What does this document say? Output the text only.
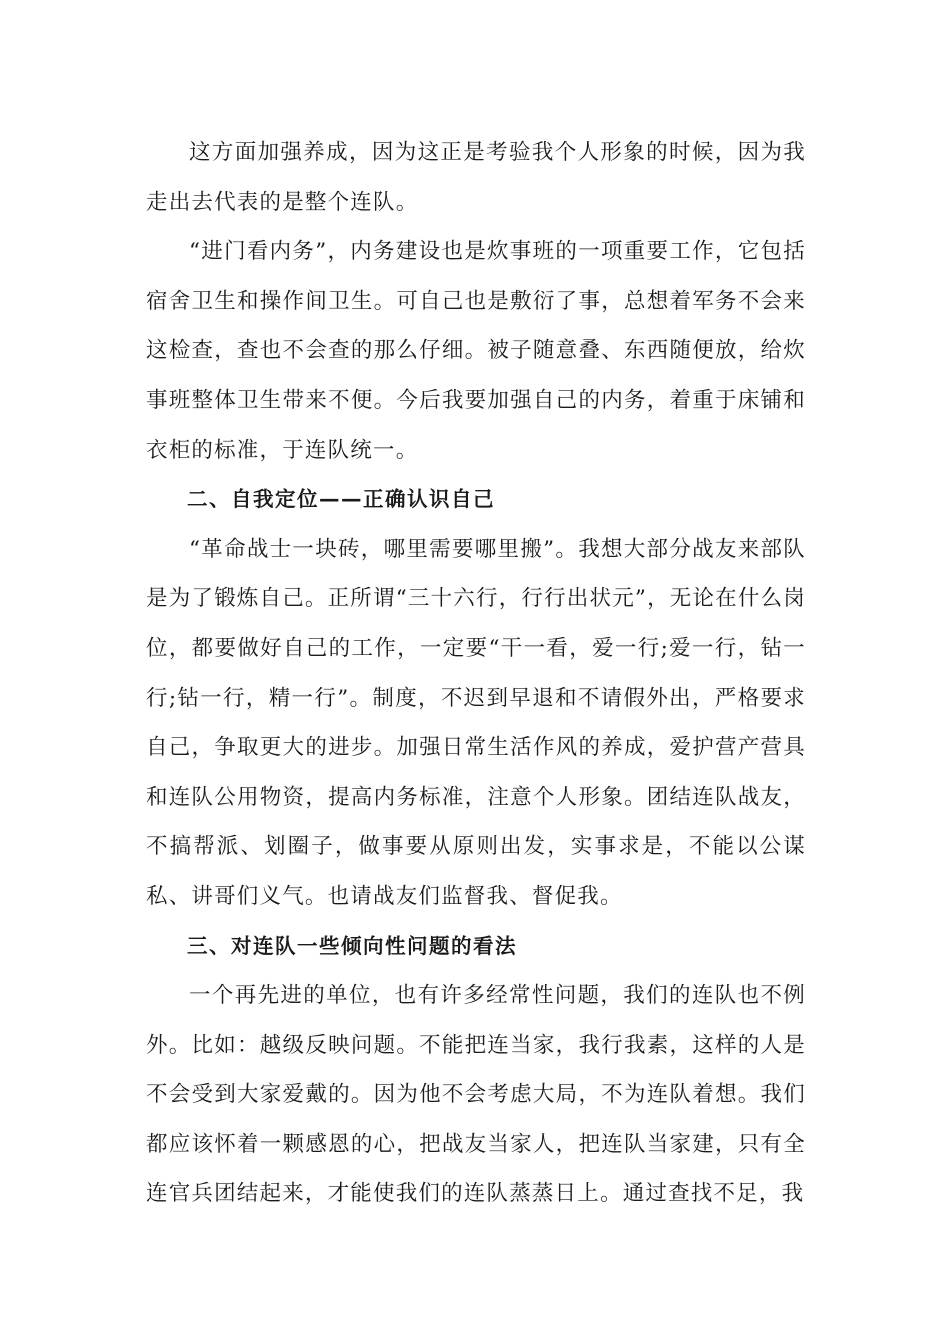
这方面加强养成，因为这正是考验我个人形象的时候，因为我走出去代表的是整个连队。

“进门看内务”，内务建设也是炊事班的一项重要工作，它包括宿舍卫生和操作间卫生。可自己也是敷衍了事，总想着军务不会来这检查，查也不会查的那么仔细。被子随意叠、东西随便放，给炊事班整体卫生带来不便。今后我要加强自己的内务，着重于床铺和衣柜的标准，于连队统一。

二、自我定位——正确认识自己

“革命战士一块砖，哪里需要哪里搬”。我想大部分战友来部队是为了锻炼自己。正所谓“三十六行，行行出状元”，无论在什么岗位，都要做好自己的工作，一定要“干一看，爱一行;爱一行，钻一行;钻一行，精一行”。制度，不迟到早退和不请假外出，严格要求自己，争取更大的进步。加强日常生活作风的养成，爱护营产营具和连队公用物资，提高内务标准，注意个人形象。团结连队战友，不搞帮派、划圈子，做事要从原则出发，实事求是，不能以公谋私、讲哥们义气。也请战友们监督我、督促我。

三、对连队一些倾向性问题的看法

一个再先进的单位，也有许多经常性问题，我们的连队也不例外。比如：越级反映问题。不能把连当家，我行我素，这样的人是不会受到大家爱戴的。因为他不会考虑大局，不为连队着想。我们都应该怀着一颗感恩的心，把战友当家人，把连队当家建，只有全连官兵团结起来，才能使我们的连队蒸蒸日上。通过查找不足，我
